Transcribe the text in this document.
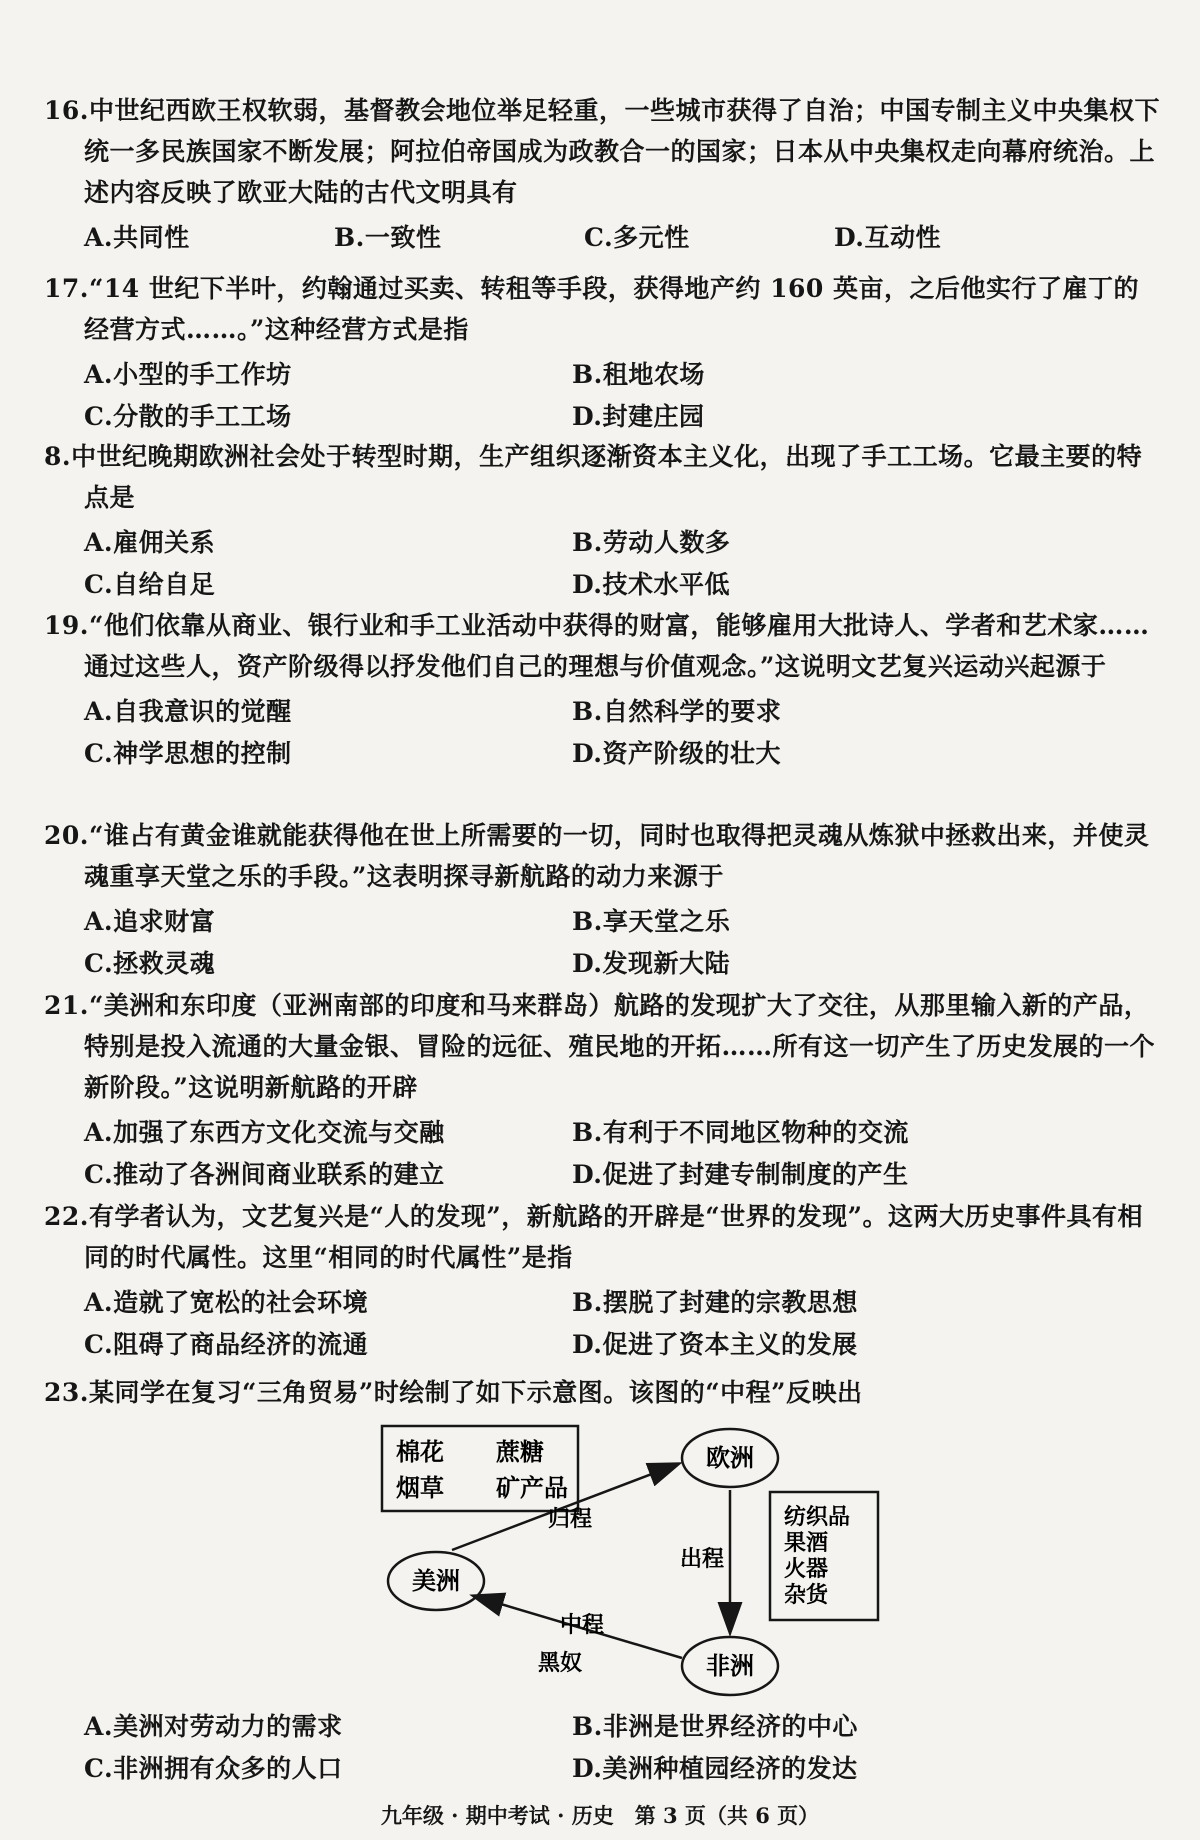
16.中世纪西欧王权软弱，基督教会地位举足轻重，一些城市获得了自治；中国专制主义中央集权下统一多民族国家不断发展；阿拉伯帝国成为政教合一的国家；日本从中央集权走向幕府统治。上述内容反映了欧亚大陆的古代文明具有
A.共同性	B.一致性	C.多元性	D.互动性
17.“14 世纪下半叶，约翰通过买卖、转租等手段，获得地产约 160 英亩，之后他实行了雇丁的经营方式……。”这种经营方式是指
A.小型的手工作坊	B.租地农场
C.分散的手工工场	D.封建庄园
8.中世纪晚期欧洲社会处于转型时期，生产组织逐渐资本主义化，出现了手工工场。它最主要的特点是
A.雇佣关系	B.劳动人数多
C.自给自足	D.技术水平低
19.“他们依靠从商业、银行业和手工业活动中获得的财富，能够雇用大批诗人、学者和艺术家……通过这些人，资产阶级得以抒发他们自己的理想与价值观念。”这说明文艺复兴运动兴起源于
A.自我意识的觉醒	B.自然科学的要求
C.神学思想的控制	D.资产阶级的壮大
20.“谁占有黄金谁就能获得他在世上所需要的一切，同时也取得把灵魂从炼狱中拯救出来，并使灵魂重享天堂之乐的手段。”这表明探寻新航路的动力来源于
A.追求财富	B.享天堂之乐
C.拯救灵魂	D.发现新大陆
21.“美洲和东印度（亚洲南部的印度和马来群岛）航路的发现扩大了交往，从那里输入新的产品，特别是投入流通的大量金银、冒险的远征、殖民地的开拓……所有这一切产生了历史发展的一个新阶段。”这说明新航路的开辟
A.加强了东西方文化交流与交融	B.有利于不同地区物种的交流
C.推动了各洲间商业联系的建立	D.促进了封建专制制度的产生
22.有学者认为，文艺复兴是“人的发现”，新航路的开辟是“世界的发现”。这两大历史事件具有相同的时代属性。这里“相同的时代属性”是指
A.造就了宽松的社会环境	B.摆脱了封建的宗教思想
C.阻碍了商品经济的流通	D.促进了资本主义的发展
23.某同学在复习“三角贸易”时绘制了如下示意图。该图的“中程”反映出
棉花 蔗糖
烟草 矿产品
欧洲
美洲
非洲
纺织品
果酒
火器
杂货
归程
出程
中程
黑奴
A.美洲对劳动力的需求	B.非洲是世界经济的中心
C.非洲拥有众多的人口	D.美洲种植园经济的发达
九年级 · 期中考试 · 历史　第 3 页（共 6 页）
